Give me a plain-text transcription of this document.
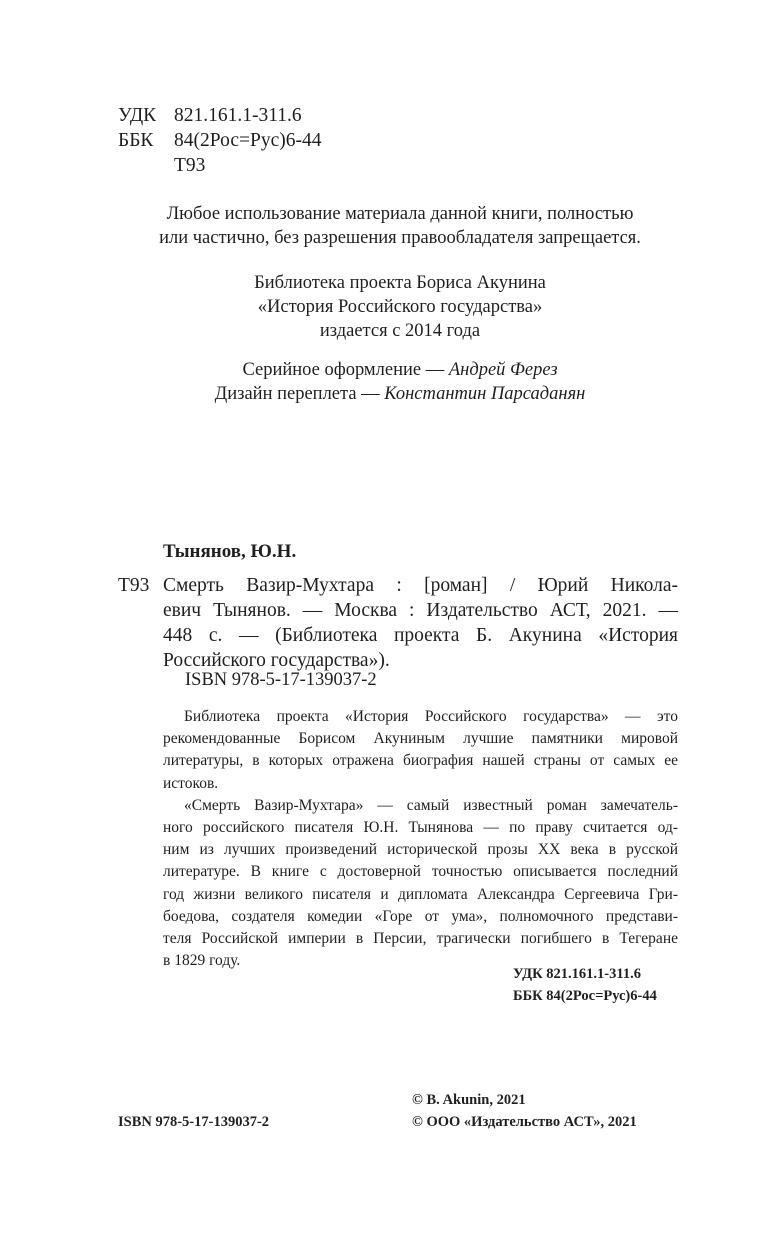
УДК 821.161.1-311.6
ББК 84(2Рос=Рус)6-44
Т93
Любое использование материала данной книги, полностью
или частично, без разрешения правообладателя запрещается.
Библиотека проекта Бориса Акунина
«История Российского государства»
издается с 2014 года
Серийное оформление — Андрей Ферез
Дизайн переплета — Константин Парсаданян
Тынянов, Ю.Н.
Т93 Смерть Вазир-Мухтара : [роман] / Юрий Никола-
евич Тынянов. — Москва : Издательство АСТ, 2021. —
448 с. — (Библиотека проекта Б. Акунина «История
Российского государства»).
ISBN 978-5-17-139037-2
Библиотека проекта «История Российского государства» — это
рекомендованные Борисом Акуниным лучшие памятники мировой
литературы, в которых отражена биография нашей страны от самых ее
истоков.
«Смерть Вазир-Мухтара» — самый известный роман замечатель-
ного российского писателя Ю.Н. Тынянова — по праву считается од-
ним из лучших произведений исторической прозы XX века в русской
литературе. В книге с достоверной точностью описывается последний
год жизни великого писателя и дипломата Александра Сергеевича Гри-
боедова, создателя комедии «Горе от ума», полномочного представи-
теля Российской империи в Персии, трагически погибшего в Тегеране
в 1829 году.
УДК 821.161.1-311.6
ББК 84(2Рос=Рус)6-44
ISBN 978-5-17-139037-2
© B. Akunin, 2021
© ООО «Издательство АСТ», 2021
